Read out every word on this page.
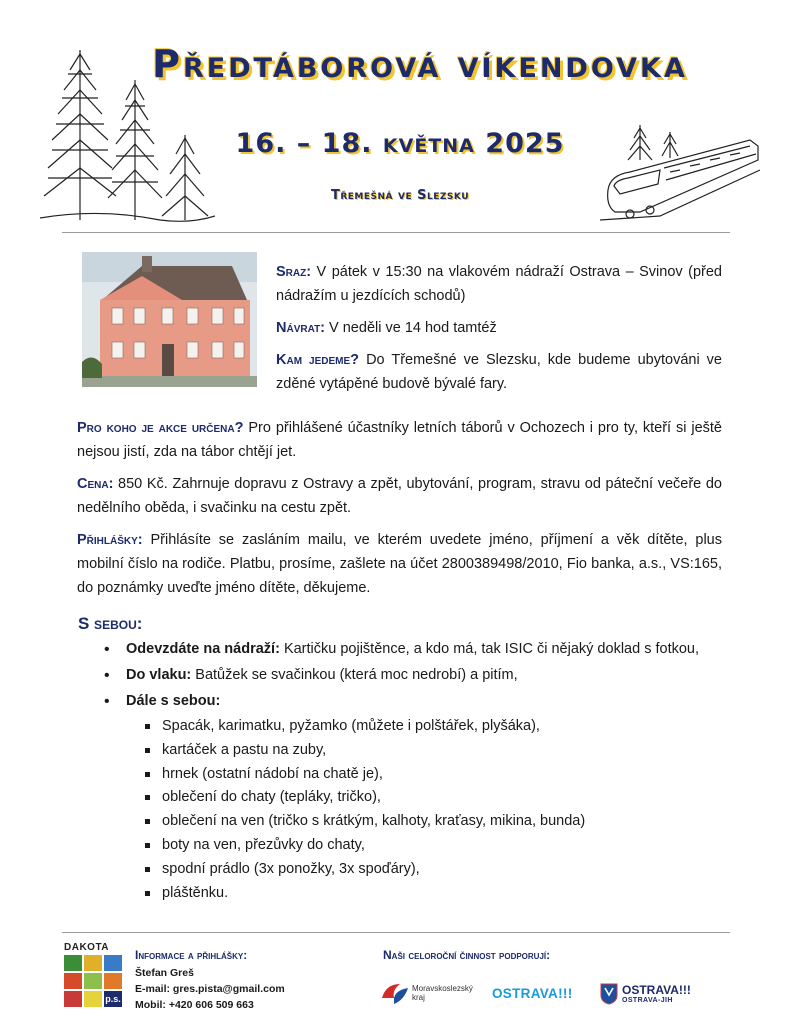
Předtáborová víkendovka
16. – 18. května 2025
Třemešná ve Slezsku
Sraz: V pátek v 15:30 na vlakovém nádraží Ostrava – Svinov (před nádražím u jezdících schodů)
Návrat: V neděli ve 14 hod tamtéž
Kam jedeme? Do Třemešné ve Slezsku, kde budeme ubytováni ve zděné vytápěné budově bývalé fary.
Pro koho je akce určena? Pro přihlášené účastníky letních táborů v Ochozech i pro ty, kteří si ještě nejsou jistí, zda na tábor chtějí jet.
Cena: 850 Kč. Zahrnuje dopravu z Ostravy a zpět, ubytování, program, stravu od páteční večeře do nedělního oběda, i svačinku na cestu zpět.
Přihlášky: Přihlásíte se zasláním mailu, ve kterém uvedete jméno, příjmení a věk dítěte, plus mobilní číslo na rodiče. Platbu, prosíme, zašlete na účet 2800389498/2010, Fio banka, a.s., VS:165, do poznámky uveďte jméno dítěte, děkujeme.
S sebou:
• Odevzdáte na nádraží: Kartičku pojištěnce, a kdo má, tak ISIC či nějaký doklad s fotkou,
• Do vlaku: Batůžek se svačinkou (která moc nedrobí) a pitím,
• Dále s sebou:
Spacák, karimatku, pyžamko (můžete i polštářek, plyšáka),
kartáček a pastu na zuby,
hrnek (ostatní nádobí na chatě je),
oblečení do chaty (tepláky, tričko),
oblečení na ven (tričko s krátkým, kalhoty, kraťasy, mikina, bunda)
boty na ven, přezůvky do chaty,
spodní prádlo (3x ponožky, 3x spoďáry),
pláštěnku.
DAKOTA
p.s.
Informace a přihlášky:
Štefan Greš
E-mail: gres.pista@gmail.com
Mobil: +420 606 509 663
Naši celoroční činnost podporují:
Moravskoslezský
kraj	OSTRAVA!!!	OSTRAVA!!!
OSTRAVA-JIH
